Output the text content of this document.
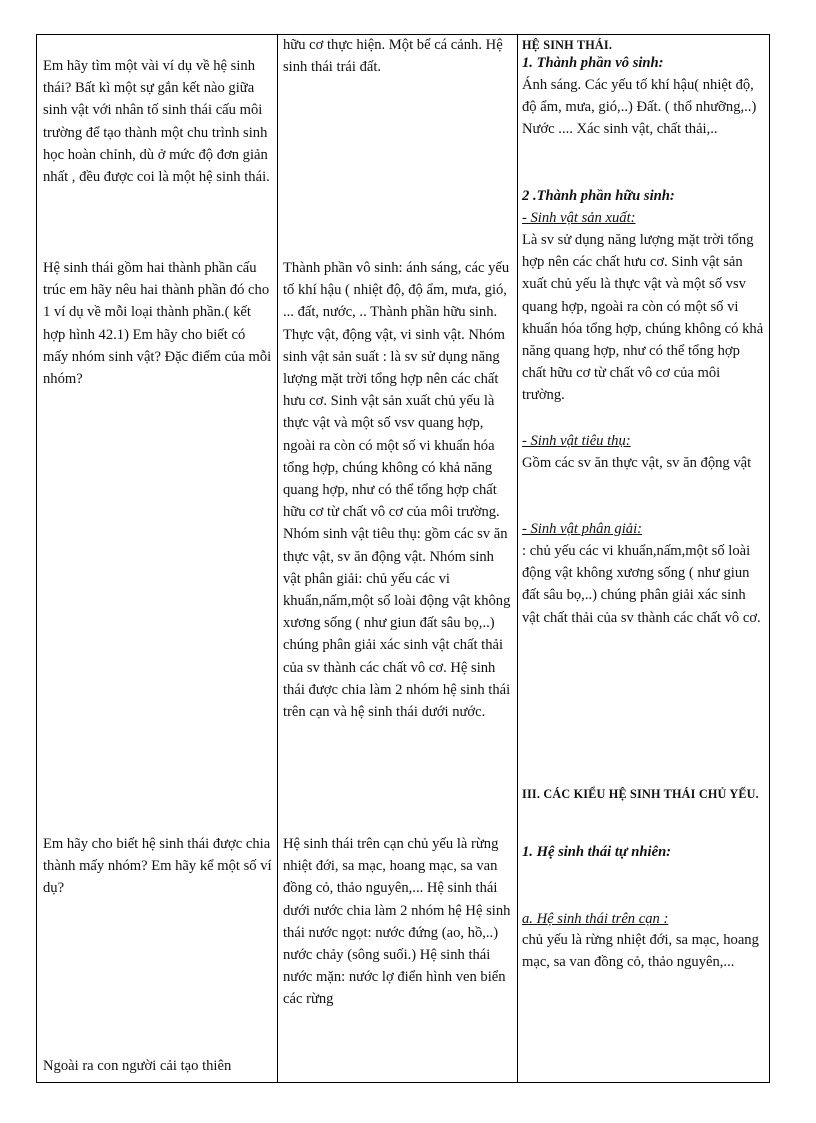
Em hãy tìm một vài ví dụ về hệ sinh thái? Bất kì một sự gắn kết nào giữa sinh vật với nhân tố sinh thái cấu môi trường để tạo thành một chu trình sinh học hoàn chỉnh, dù ở mức độ đơn giản nhất , đều được coi là một hệ sinh thái.

Hệ sinh thái gồm hai thành phần cấu trúc em hãy nêu hai thành phần đó cho 1 ví dụ về mỗi loại thành phần.( kết hợp hình 42.1) Em hãy cho biết có mấy nhóm sinh vật? Đặc điểm của mỗi nhóm?

Em hãy cho biết hệ sinh thái được chia thành mấy nhóm? Em hãy kể một số ví dụ?

Ngoài ra con người cải tạo thiên

hữu cơ thực hiện. Một bể cá cảnh. Hệ sinh thái trái đất.

Thành phần vô sinh: ánh sáng, các yếu tố khí hậu ( nhiệt độ, độ ẩm, mưa, gió, ... đất, nước, .. Thành phần hữu sinh. Thực vật, động vật, vi sinh vật. Nhóm sinh vật sản suất : là sv sử dụng năng lượng mặt trời tổng hợp nên các chất hưu cơ. Sinh vật sản xuất chủ yếu là thực vật và một số vsv quang hợp, ngoài ra còn có một số vi khuẩn hóa tổng hợp, chúng không có khả năng quang hợp, như có thể tổng hợp chất hữu cơ từ chất vô cơ của môi trường. Nhóm sinh vật tiêu thụ: gồm các sv ăn thực vật, sv ăn động vật. Nhóm sinh vật phân giải: chủ yếu các vi khuẩn,nấm,một số loài động vật không xương sống ( như giun đất sâu bọ,..) chúng phân giải xác sinh vật chất thải của sv thành các chất vô cơ. Hệ sinh thái được chia làm 2 nhóm hệ sinh thái trên cạn và hệ sinh thái dưới nước.

Hệ sinh thái trên cạn chủ yếu là rừng nhiệt đới, sa mạc, hoang mạc, sa van đồng cỏ, thảo nguyên,... Hệ sinh thái dưới nước chia làm 2 nhóm hệ Hệ sinh thái nước ngọt: nước đứng (ao, hồ,..) nước chảy (sông suối.) Hệ sinh thái nước mặn: nước lợ điển hình ven biển các rừng

HỆ SINH THÁI.

1. Thành phần vô sinh:

Ánh sáng. Các yếu tố khí hậu( nhiệt độ, độ ẩm, mưa, gió,..) Đất. ( thổ nhưỡng,..) Nước .... Xác sinh vật, chất thải,..

2 .Thành phần hữu sinh:

- Sinh vật sản xuất:

Là sv sử dụng năng lượng mặt trời tổng hợp nên các chất hưu cơ. Sinh vật sản xuất chủ yếu là thực vật và một số vsv quang hợp, ngoài ra còn có một số vi khuẩn hóa tổng hợp, chúng không có khả năng quang hợp, như có thể tổng hợp chất hữu cơ từ chất vô cơ của môi trường.

- Sinh vật tiêu thụ:

Gồm các sv ăn thực vật, sv ăn động vật

- Sinh vật phân giải:

: chủ yếu các vi khuẩn,nấm,một số loài động vật không xương sống ( như giun đất sâu bọ,..) chúng phân giải xác sinh vật chất thải của sv thành các chất vô cơ.

III. CÁC KIỂU HỆ SINH THÁI CHỦ YẾU.

1. Hệ sinh thái tự nhiên:

a. Hệ sinh thái trên cạn :

chủ yếu là rừng nhiệt đới, sa mạc, hoang mạc, sa van đồng cỏ, thảo nguyên,...
